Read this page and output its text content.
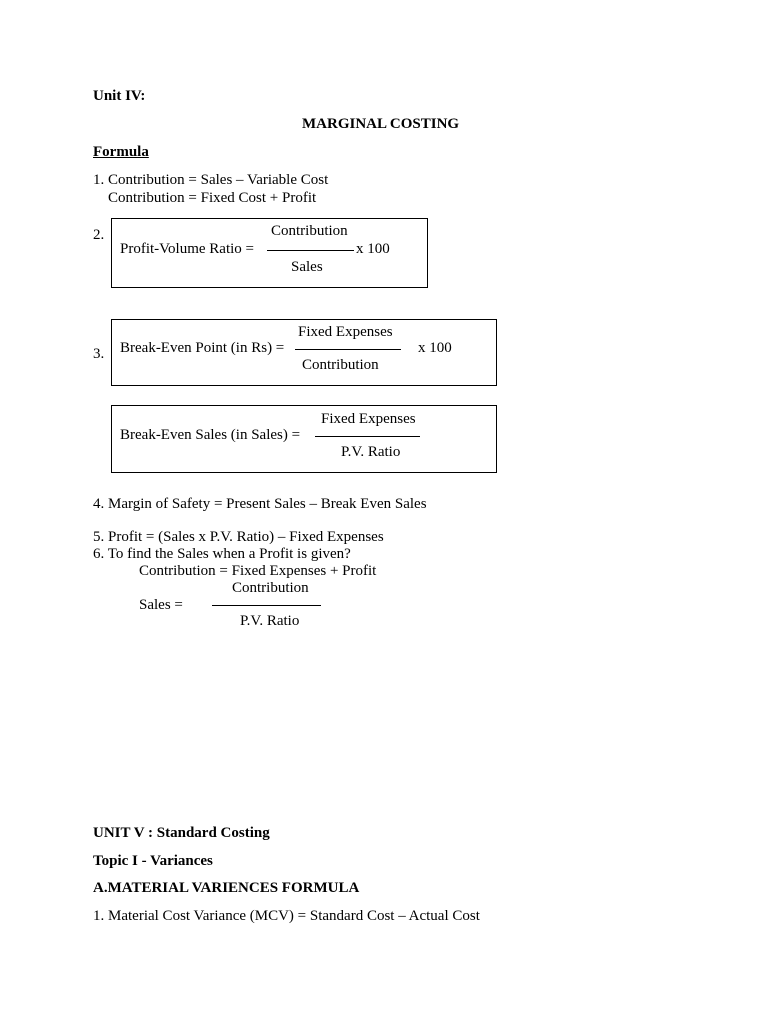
Unit IV:
MARGINAL COSTING
Formula
1. Contribution = Sales – Variable Cost
Contribution = Fixed Cost + Profit
2.	Contribution
Profit-Volume Ratio =	x 100
Sales
3.
Fixed Expenses
Break-Even Point (in Rs) =	x 100
Contribution
Fixed Expenses
Break-Even Sales (in Sales) =
P.V. Ratio
4. Margin of Safety = Present Sales – Break Even Sales
5. Profit = (Sales x P.V. Ratio) – Fixed Expenses
6. To find the Sales when a Profit is given?
Contribution = Fixed Expenses + Profit
Contribution
Sales =
P.V. Ratio
UNIT V : Standard Costing
Topic I - Variances
A.MATERIAL VARIENCES FORMULA
1. Material Cost Variance (MCV) = Standard Cost – Actual Cost
